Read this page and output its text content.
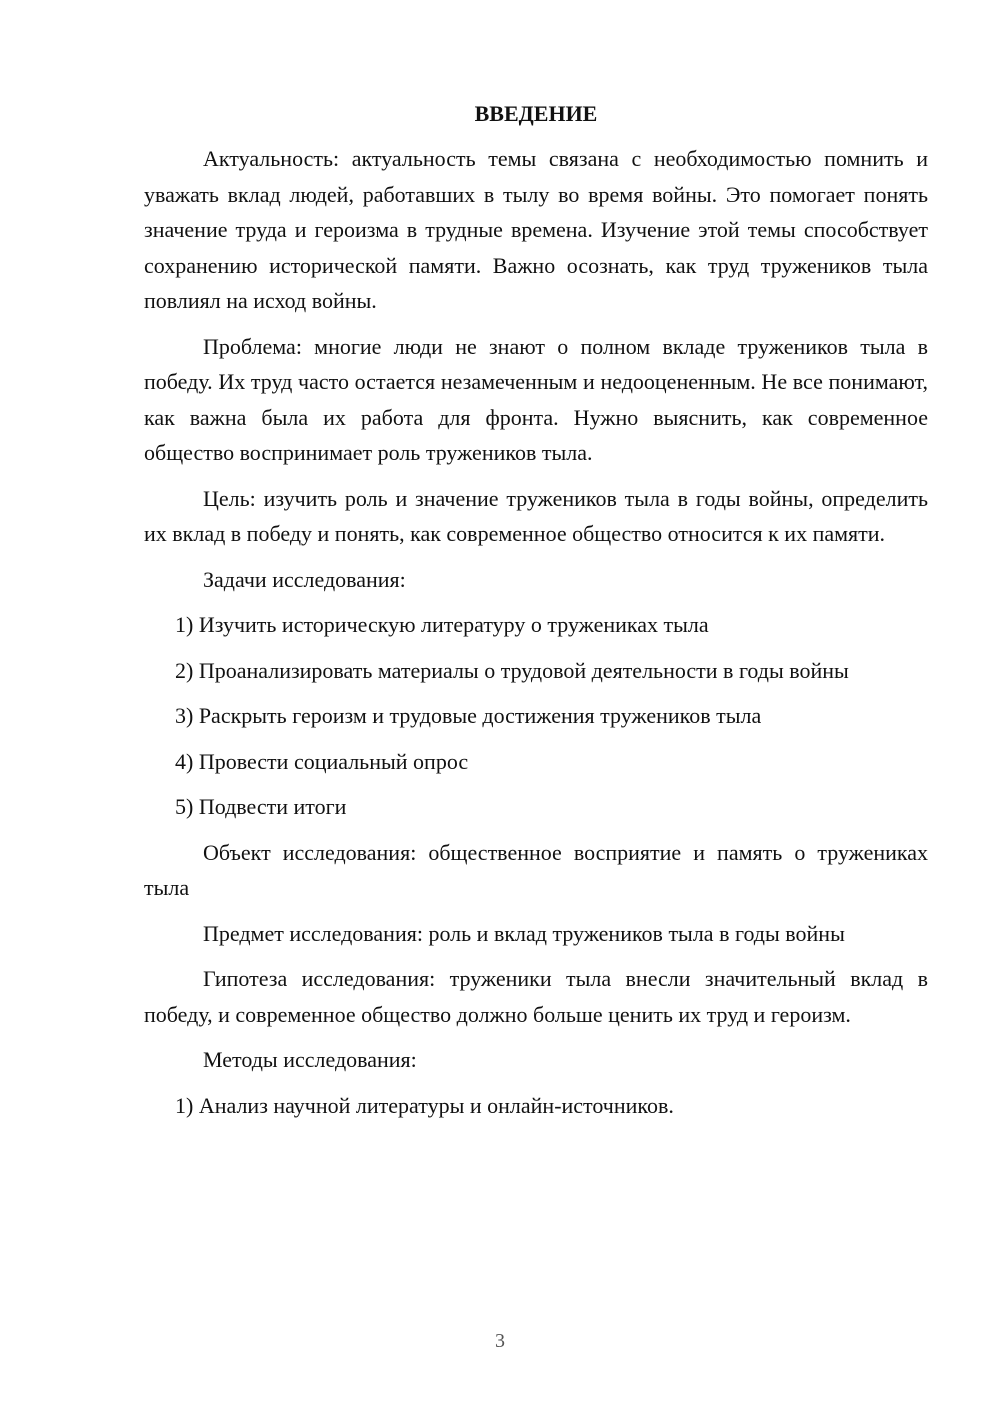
ВВЕДЕНИЕ

Актуальность: актуальность темы связана с необходимостью помнить и уважать вклад людей, работавших в тылу во время войны. Это помогает понять значение труда и героизма в трудные времена. Изучение этой темы способствует сохранению исторической памяти. Важно осознать, как труд тружеников тыла повлиял на исход войны.

Проблема: многие люди не знают о полном вкладе тружеников тыла в победу. Их труд часто остается незамеченным и недооцененным. Не все понимают, как важна была их работа для фронта. Нужно выяснить, как современное общество воспринимает роль тружеников тыла.

Цель: изучить роль и значение тружеников тыла в годы войны, определить их вклад в победу и понять, как современное общество относится к их памяти.

Задачи исследования:

1) Изучить историческую литературу о тружениках тыла

2) Проанализировать материалы о трудовой деятельности в годы войны

3) Раскрыть героизм и трудовые достижения тружеников тыла

4) Провести социальный опрос

5) Подвести итоги

Объект исследования: общественное восприятие и память о тружениках тыла

Предмет исследования: роль и вклад тружеников тыла в годы войны

Гипотеза исследования: труженики тыла внесли значительный вклад в победу, и современное общество должно больше ценить их труд и героизм.

Методы исследования:

1) Анализ научной литературы и онлайн-источников.

3
